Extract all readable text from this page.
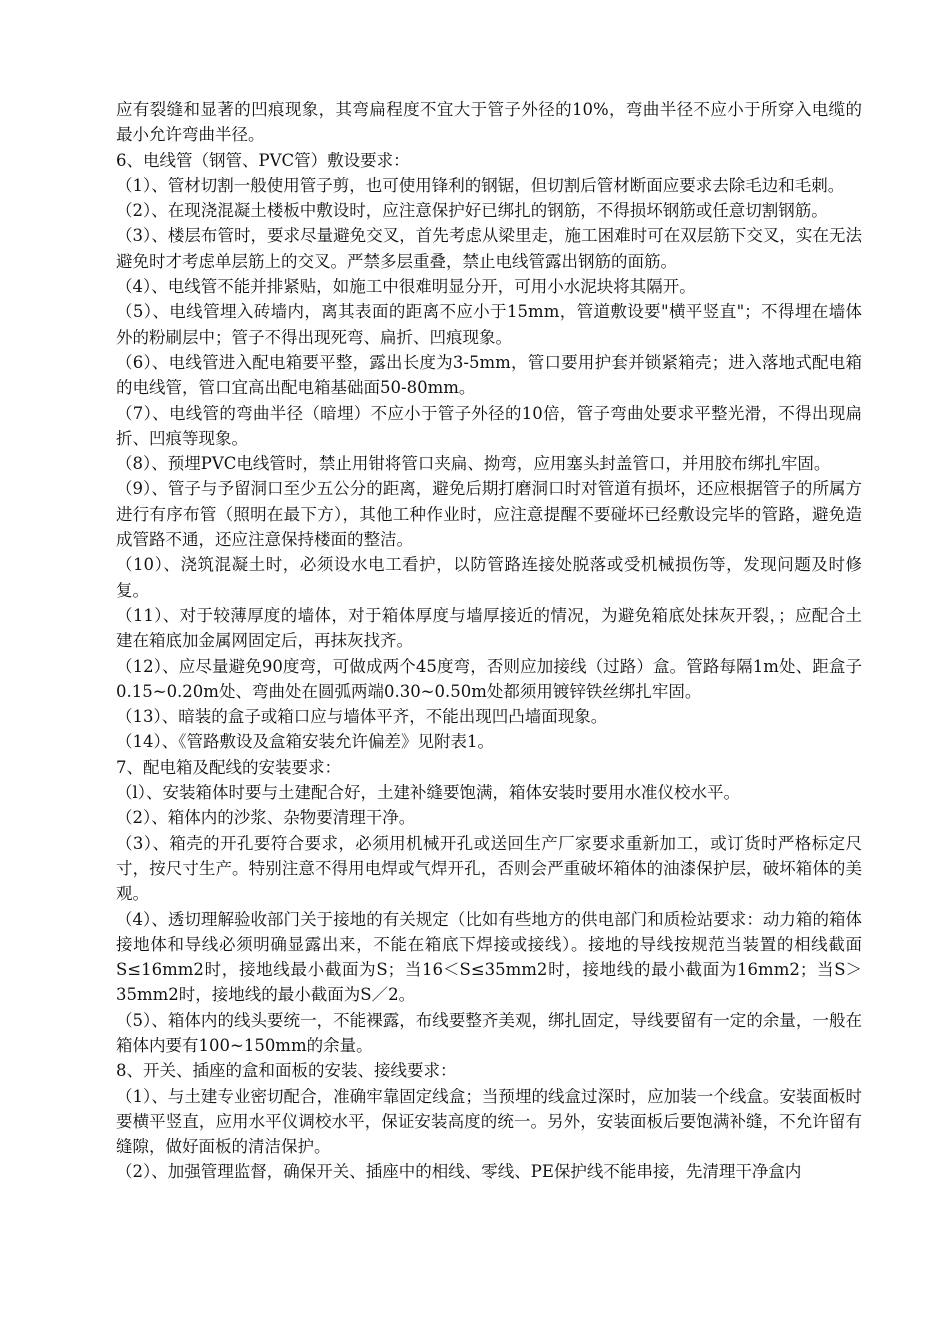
应有裂缝和显著的凹痕现象，其弯扁程度不宜大于管子外径的10%，弯曲半径不应小于所穿入电缆的最小允许弯曲半径。

6、电线管（钢管、PVC管）敷设要求：

（1）、管材切割一般使用管子剪，也可使用锋利的钢锯，但切割后管材断面应要求去除毛边和毛刺。

（2）、在现浇混凝土楼板中敷设时，应注意保护好已绑扎的钢筋，不得损坏钢筋或任意切割钢筋。

（3）、楼层布管时，要求尽量避免交叉，首先考虑从梁里走，施工困难时可在双层筋下交叉，实在无法避免时才考虑单层筋上的交叉。严禁多层重叠，禁止电线管露出钢筋的面筋。

（4）、电线管不能并排紧贴，如施工中很难明显分开，可用小水泥块将其隔开。

（5）、电线管埋入砖墙内，离其表面的距离不应小于15mm，管道敷设要"横平竖直"；不得埋在墙体外的粉刷层中；管子不得出现死弯、扁折、凹痕现象。

（6）、电线管进入配电箱要平整，露出长度为3-5mm，管口要用护套并锁紧箱壳；进入落地式配电箱的电线管，管口宜高出配电箱基础面50-80mm。

（7）、电线管的弯曲半径（暗埋）不应小于管子外径的10倍，管子弯曲处要求平整光滑，不得出现扁折、凹痕等现象。

（8）、预埋PVC电线管时，禁止用钳将管口夹扁、拗弯，应用塞头封盖管口，并用胶布绑扎牢固。

（9）、管子与予留洞口至少五公分的距离，避免后期打磨洞口时对管道有损坏，还应根据管子的所属方进行有序布管（照明在最下方），其他工种作业时，应注意提醒不要碰坏已经敷设完毕的管路，避免造成管路不通，还应注意保持楼面的整洁。

（10）、浇筑混凝土时，必须设水电工看护，以防管路连接处脱落或受机械损伤等，发现问题及时修复。

（11）、对于较薄厚度的墙体，对于箱体厚度与墙厚接近的情况，为避免箱底处抹灰开裂，；应配合土建在箱底加金属网固定后，再抹灰找齐。

（12）、应尽量避免90度弯，可做成两个45度弯，否则应加接线（过路）盒。管路每隔1m处、距盒子0.15~0.20m处、弯曲处在圆弧两端0.30~0.50m处都须用镀锌铁丝绑扎牢固。

（13）、暗装的盒子或箱口应与墙体平齐，不能出现凹凸墙面现象。

（14）、《管路敷设及盒箱安装允许偏差》见附表1。

7、配电箱及配线的安装要求：

（l）、安装箱体时要与土建配合好，土建补缝要饱满，箱体安装时要用水准仪校水平。

（2）、箱体内的沙浆、杂物要清理干净。

（3）、箱壳的开孔要符合要求，必须用机械开孔或送回生产厂家要求重新加工，或订货时严格标定尺寸，按尺寸生产。特别注意不得用电焊或气焊开孔，否则会严重破坏箱体的油漆保护层，破坏箱体的美观。

（4）、透切理解验收部门关于接地的有关规定（比如有些地方的供电部门和质检站要求：动力箱的箱体接地体和导线必须明确显露出来，不能在箱底下焊接或接线）。接地的导线按规范当装置的相线截面S≤16mm2时，接地线最小截面为S；当16＜S≤35mm2时，接地线的最小截面为16mm2；当S＞35mm2时，接地线的最小截面为S／2。

（5）、箱体内的线头要统一，不能裸露，布线要整齐美观，绑扎固定，导线要留有一定的余量，一般在箱体内要有100~150mm的余量。

8、开关、插座的盒和面板的安装、接线要求：

（1）、与土建专业密切配合，准确牢靠固定线盒；当预埋的线盒过深时，应加装一个线盒。安装面板时要横平竖直，应用水平仪调校水平，保证安装高度的统一。另外，安装面板后要饱满补缝，不允许留有缝隙，做好面板的清洁保护。

（2）、加强管理监督，确保开关、插座中的相线、零线、PE保护线不能串接，先清理干净盒内
